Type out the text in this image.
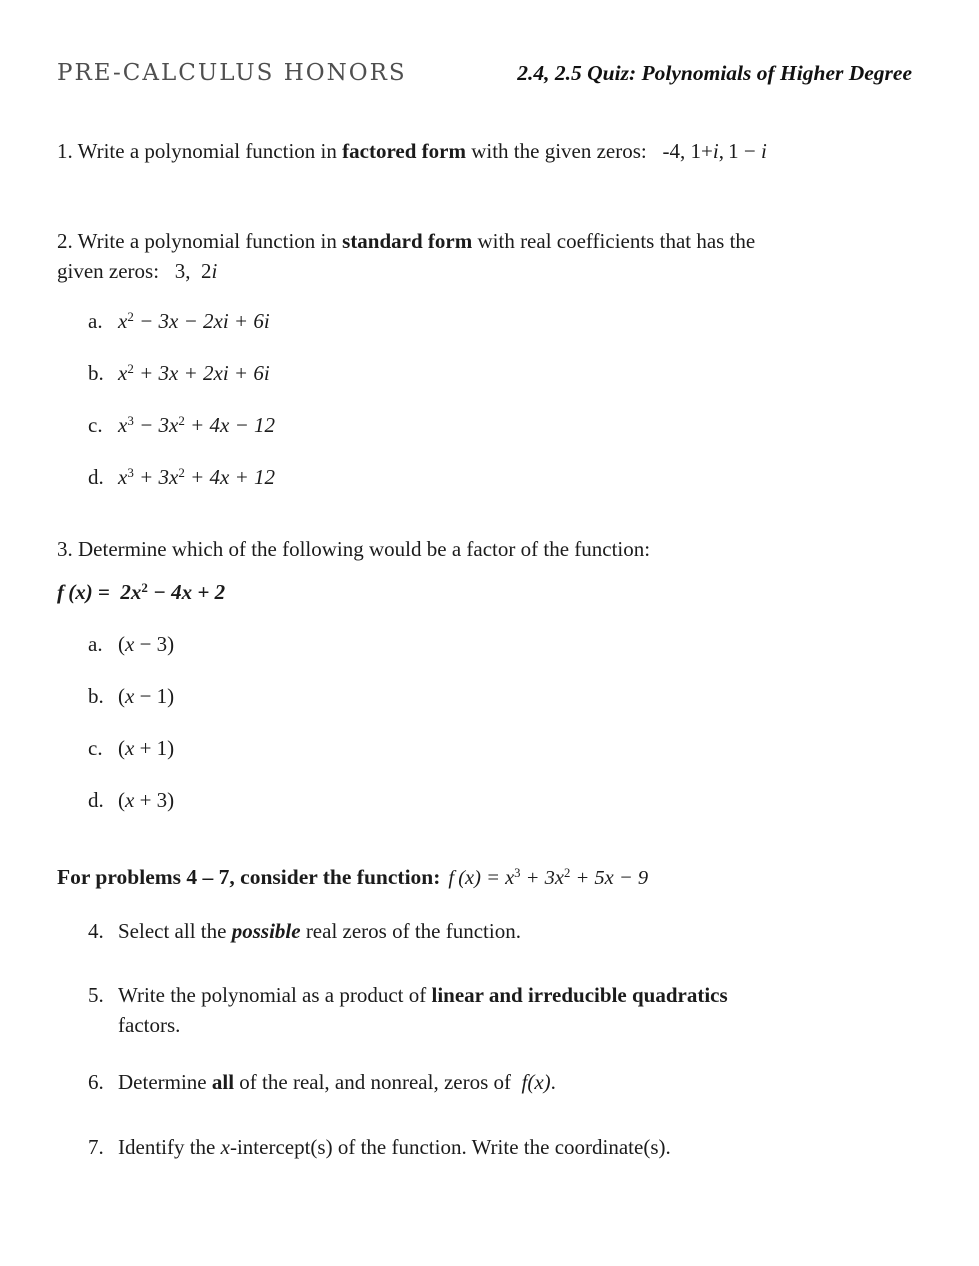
PRE-CALCULUS HONORS	2.4, 2.5 Quiz: Polynomials of Higher Degree

1. Write a polynomial function in factored form with the given zeros:  -4, 1+i, 1 − i

2. Write a polynomial function in standard form with real coefficients that has the
given zeros:  3, 2i
a. $x^2 - 3x - 2xi + 6i$
b. $x^2 + 3x + 2xi + 6i$
c. $x^3 - 3x^2 + 4x - 12$
d. $x^3 + 3x^2 + 4x + 12$

3. Determine which of the following would be a factor of the function:

f (x) = $2x^2 - 4x + 2$
a. (x − 3)
b. (x − 1)
c. (x + 1)
d. (x + 3)
For problems 4 – 7, consider the function: f $(x) = x^3 + 3x^2 + 5x - 9$
4. Select all the possible real zeros of the function.
5. Write the polynomial as a product of linear and irreducible quadratics
factors.
6. Determine all of the real, and nonreal, zeros of f(x).
7. Identify the x-intercept(s) of the function. Write the coordinate(s).
